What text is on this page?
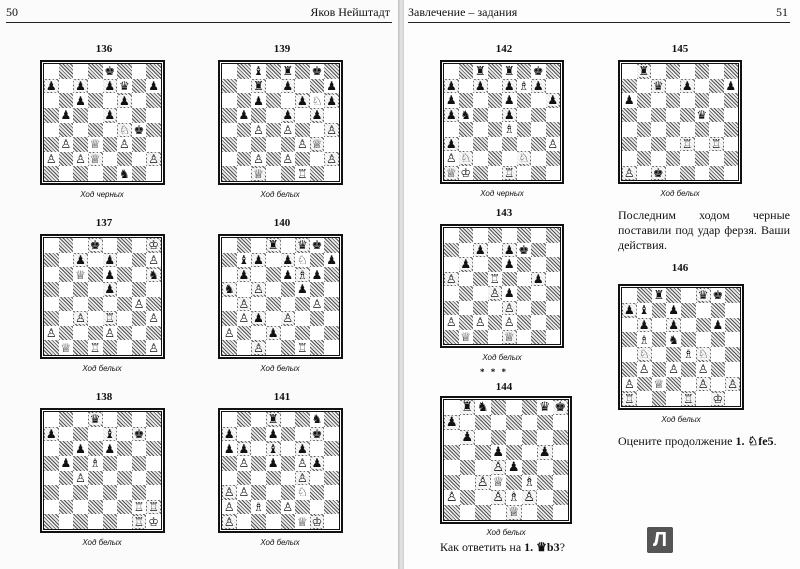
50	Яков Нейштадт
136
♚
♟ ♟ ♟ ♛ ♟
♟	♟
♟	♟
♘ ♚
♙ ♕ ♙
♙ ♙ ♕	♙
♞
Ход черных
139
♝ ♜ ♚
♜ ♟	♟
♟	♟ ♘ ♟
♟	♟ ♟
♙ ♙	♙
♙ ♕
♙ ♙	♙
♕	♖
Ход белых
137
♚	♔
♟ ♟	♙
♕ ♟	♞
♟
♙
♙ ♖	♙
♙	♙
♕ ♖	♙
Ход белых
140
♜ ♛ ♚
♝ ♟ ♟ ♘ ♟
♟	♟ ♗ ♟
♞ ♙	♟
♙	♙
♙ ♟ ♙
♙	♟
♙	♖
Ход белых
138
♛
♟	♝ ♚
♟ ♟
♟ ♗
♙
♖ ♖
♖ ♔
Ход белых
141
♜	♞
♟	♟	♚
♟ ♟ ♝ ♟
♙ ♟ ♙ ♟
♙
♙ ♙	♘
♙ ♗ ♙
♙	♕ ♔
Ход белых
Завлечение – задания	51
142
♜ ♜ ♚
♟ ♟ ♟ ♗ ♟
♟	♟	♟
♟ ♞	♟
♗
♟	♙
♙ ♘	♘
♕ ♔	♖
Ход черных
145
♜
♛ ♟	♟
♟
♛
♖ ♖
♙ ♚
Ход белых
Последним ходом черные поставили под удар ферзя. Ваши действия.
143
♟ ♟ ♚
♟	♟
♙	♖	♟
♙ ♟
♙
♙ ♙ ♙
♕	♕
Ход белых
* * *
144
♜ ♞	♛ ♚
♟
♟
♟	♟
♙ ♟
♙ ♕ ♗
♙	♙ ♗ ♙
♕
Ход белых
Как ответить на 1. ♛b3?
146
♜	♛ ♚
♟ ♝ ♟
♟ ♟	♟
♗ ♞
♘	♗ ♘
♙ ♙ ♙
♙ ♕	♙ ♙
♖	♖ ♔
Ход белых
Оцените продолжение 1. ♘fe5.
Л
